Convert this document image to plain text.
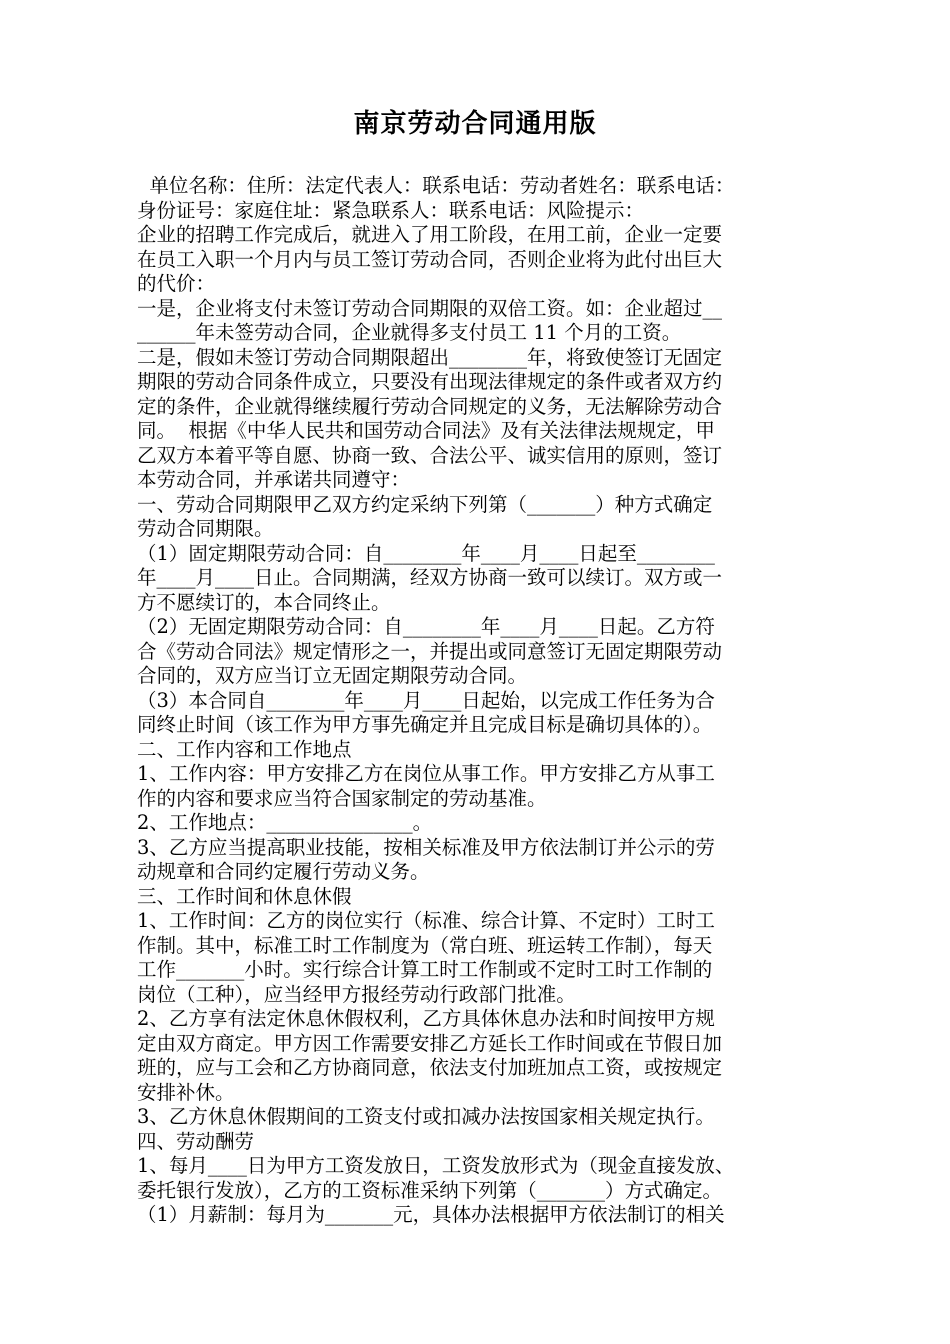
南京劳动合同通用版
单位名称：住所：法定代表人：联系电话：劳动者姓名：联系电话：
身份证号：家庭住址：紧急联系人：联系电话：风险提示：
企业的招聘工作完成后，就进入了用工阶段，在用工前，企业一定要
在员工入职一个月内与员工签订劳动合同，否则企业将为此付出巨大
的代价：
一是，企业将支付未签订劳动合同期限的双倍工资。如：企业超过__
______年未签劳动合同，企业就得多支付员工 11 个月的工资。
二是，假如未签订劳动合同期限超出________年，将致使签订无固定
期限的劳动合同条件成立，只要没有出现法律规定的条件或者双方约
定的条件，企业就得继续履行劳动合同规定的义务，无法解除劳动合
同。  根据《中华人民共和国劳动合同法》及有关法律法规规定，甲
乙双方本着平等自愿、协商一致、合法公平、诚实信用的原则，签订
本劳动合同，并承诺共同遵守：
一、劳动合同期限甲乙双方约定采纳下列第（_______）种方式确定
劳动合同期限。
（1）固定期限劳动合同：自________年____月____日起至________
年____月____日止。合同期满，经双方协商一致可以续订。双方或一
方不愿续订的，本合同终止。
（2）无固定期限劳动合同：自________年____月____日起。乙方符
合《劳动合同法》规定情形之一，并提出或同意签订无固定期限劳动
合同的，双方应当订立无固定期限劳动合同。
（3）本合同自________年____月____日起始，以完成工作任务为合
同终止时间（该工作为甲方事先确定并且完成目标是确切具体的）。
二、工作内容和工作地点
1、工作内容：甲方安排乙方在岗位从事工作。甲方安排乙方从事工
作的内容和要求应当符合国家制定的劳动基准。
2、工作地点：_______________。
3、乙方应当提高职业技能，按相关标准及甲方依法制订并公示的劳
动规章和合同约定履行劳动义务。
三、工作时间和休息休假
1、工作时间：乙方的岗位实行（标准、综合计算、不定时）工时工
作制。其中，标准工时工作制度为（常白班、班运转工作制），每天
工作_______小时。实行综合计算工时工作制或不定时工时工作制的
岗位（工种），应当经甲方报经劳动行政部门批准。
2、乙方享有法定休息休假权利，乙方具体休息办法和时间按甲方规
定由双方商定。甲方因工作需要安排乙方延长工作时间或在节假日加
班的，应与工会和乙方协商同意，依法支付加班加点工资，或按规定
安排补休。
3、乙方休息休假期间的工资支付或扣减办法按国家相关规定执行。
四、劳动酬劳
1、每月____日为甲方工资发放日，工资发放形式为（现金直接发放、
委托银行发放），乙方的工资标准采纳下列第（_______）方式确定。
（1）月薪制：每月为_______元，具体办法根据甲方依法制订的相关
